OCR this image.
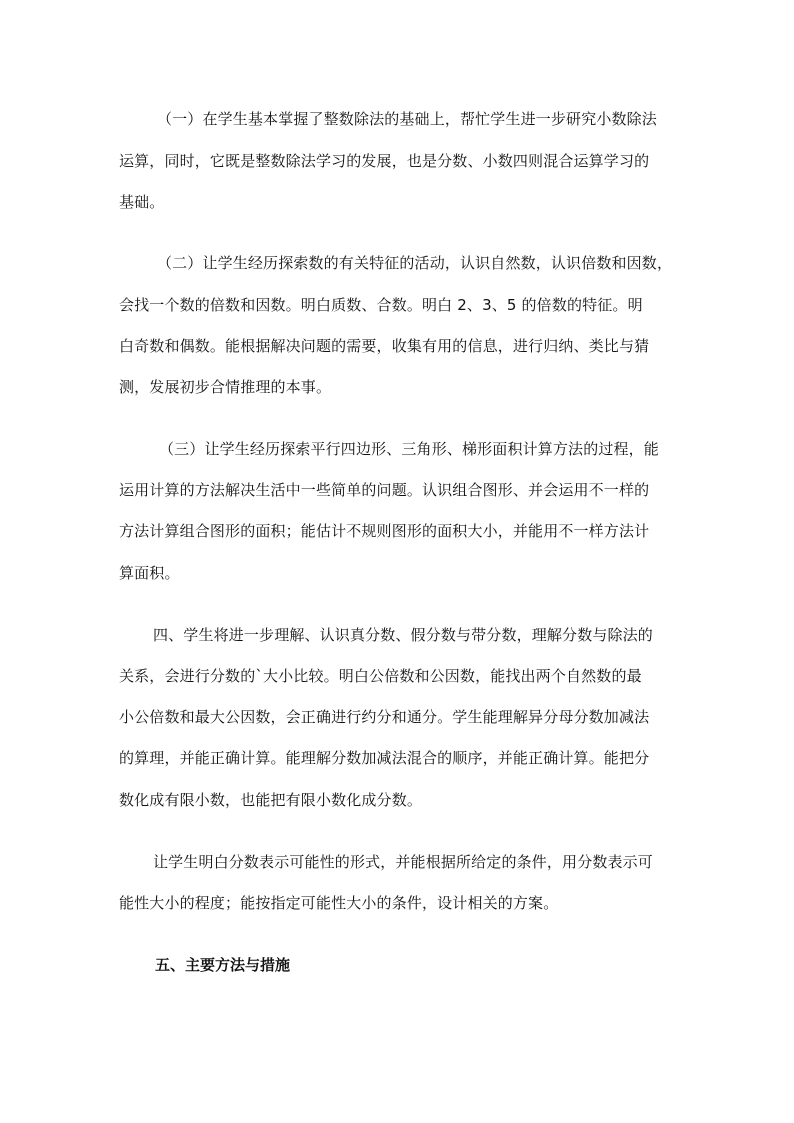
（一）在学生基本掌握了整数除法的基础上，帮忙学生进一步研究小数除法
运算，同时，它既是整数除法学习的发展，也是分数、小数四则混合运算学习的
基础。
（二）让学生经历探索数的有关特征的活动，认识自然数，认识倍数和因数，
会找一个数的倍数和因数。明白质数、合数。明白 2、3、5 的倍数的特征。明
白奇数和偶数。能根据解决问题的需要，收集有用的信息，进行归纳、类比与猜
测，发展初步合情推理的本事。
（三）让学生经历探索平行四边形、三角形、梯形面积计算方法的过程，能
运用计算的方法解决生活中一些简单的问题。认识组合图形、并会运用不一样的
方法计算组合图形的面积；能估计不规则图形的面积大小，并能用不一样方法计
算面积。
四、学生将进一步理解、认识真分数、假分数与带分数，理解分数与除法的
关系，会进行分数的`大小比较。明白公倍数和公因数，能找出两个自然数的最
小公倍数和最大公因数，会正确进行约分和通分。学生能理解异分母分数加减法
的算理，并能正确计算。能理解分数加减法混合的顺序，并能正确计算。能把分
数化成有限小数，也能把有限小数化成分数。
让学生明白分数表示可能性的形式，并能根据所给定的条件，用分数表示可
能性大小的程度；能按指定可能性大小的条件，设计相关的方案。
五、主要方法与措施
